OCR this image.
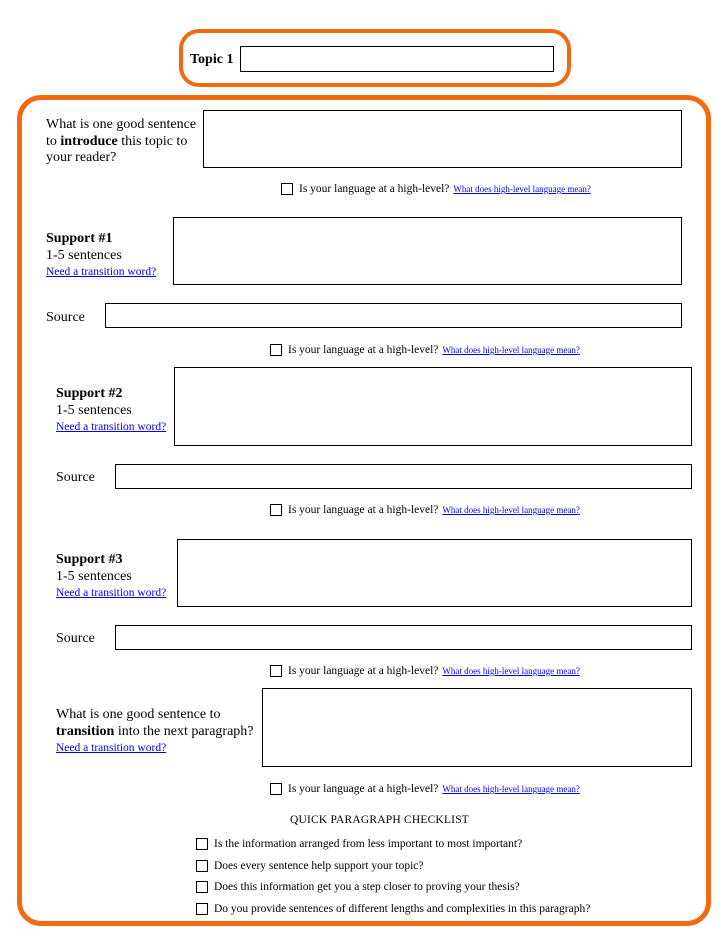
Topic 1
What is one good sentence
to introduce this topic to
your reader?
Is your language at a high-level? What does high-level language mean?
Support #1
1-5 sentences
Need a transition word?
Source
Is your language at a high-level? What does high-level language mean?
Support #2
1-5 sentences
Need a transition word?
Source
Is your language at a high-level? What does high-level language mean?
Support #3
1-5 sentences
Need a transition word?
Source
Is your language at a high-level? What does high-level language mean?
What is one good sentence to
transition into the next paragraph?
Need a transition word?
Is your language at a high-level? What does high-level language mean?
QUICK PARAGRAPH CHECKLIST
Is the information arranged from less important to most important?
Does every sentence help support your topic?
Does this information get you a step closer to proving your thesis?
Do you provide sentences of different lengths and complexities in this paragraph?
